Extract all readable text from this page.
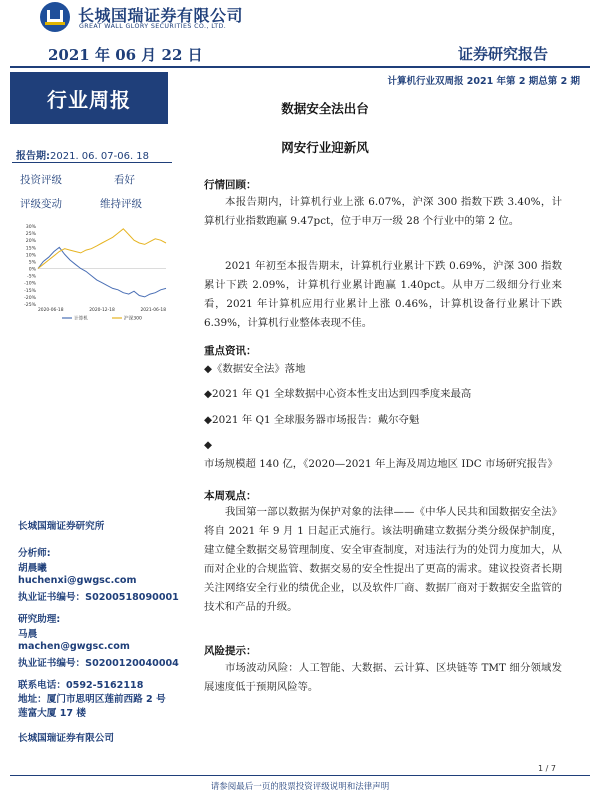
长城国瑞证券有限公司
GREAT WALL GLORY SECURITIES CO., LTD.
2021 年 06 月 22 日	证券研究报告
计算机行业双周报 2021 年第 2 期总第 2 期
行业周报	数据安全法出台
网安行业迎新风
报告期:2021. 06. 07-06. 18
投资评级	看好
评级变动	维持评级
30%
25%
20%
15%
10%
5%
0%
-5%
-10%
-15%
-20%
-25%
2020-06-18	2020-12-18	2021-06-18
计算机	沪深300
长城国瑞证券研究所
分析师:
胡晨曦
huchenxi@gwgsc.com
执业证书编号：S0200518090001
研究助理:
马晨
machen@gwgsc.com
执业证书编号：S0200120040004
联系电话：0592-5162118
地址：厦门市思明区莲前西路 2 号
莲富大厦 17 楼
长城国瑞证券有限公司
行情回顾：
本报告期内，计算机行业上涨 6.07%，沪深 300 指数下跌 3.40%，计算机行业指数跑赢 9.47pct，位于申万一级 28 个行业中的第 2 位。
2021 年初至本报告期末，计算机行业累计下跌 0.69%，沪深 300 指数累计下跌 2.09%，计算机行业累计跑赢 1.40pct。从申万二级细分行业来看，2021 年计算机应用行业累计上涨 0.46%，计算机设备行业累计下跌 6.39%，计算机行业整体表现不佳。
重点资讯：
◆《数据安全法》落地
◆2021 年 Q1 全球数据中心资本性支出达到四季度来最高
◆2021 年 Q1 全球服务器市场报告：戴尔夺魁
◆市场规模超 140 亿，《2020—2021 年上海及周边地区 IDC 市场研究报告》
本周观点：
我国第一部以数据为保护对象的法律——《中华人民共和国数据安全法》将自 2021 年 9 月 1 日起正式施行。该法明确建立数据分类分级保护制度，建立健全数据交易管理制度、安全审查制度，对违法行为的处罚力度加大，从而对企业的合规监管、数据交易的安全性提出了更高的需求。建议投资者长期关注网络安全行业的绩优企业，以及软件厂商、数据厂商对于数据安全监管的技术和产品的升级。
风险提示：
市场波动风险：人工智能、大数据、云计算、区块链等 TMT 细分领域发展速度低于预期风险等。
1 / 7
请参阅最后一页的股票投资评级说明和法律声明
